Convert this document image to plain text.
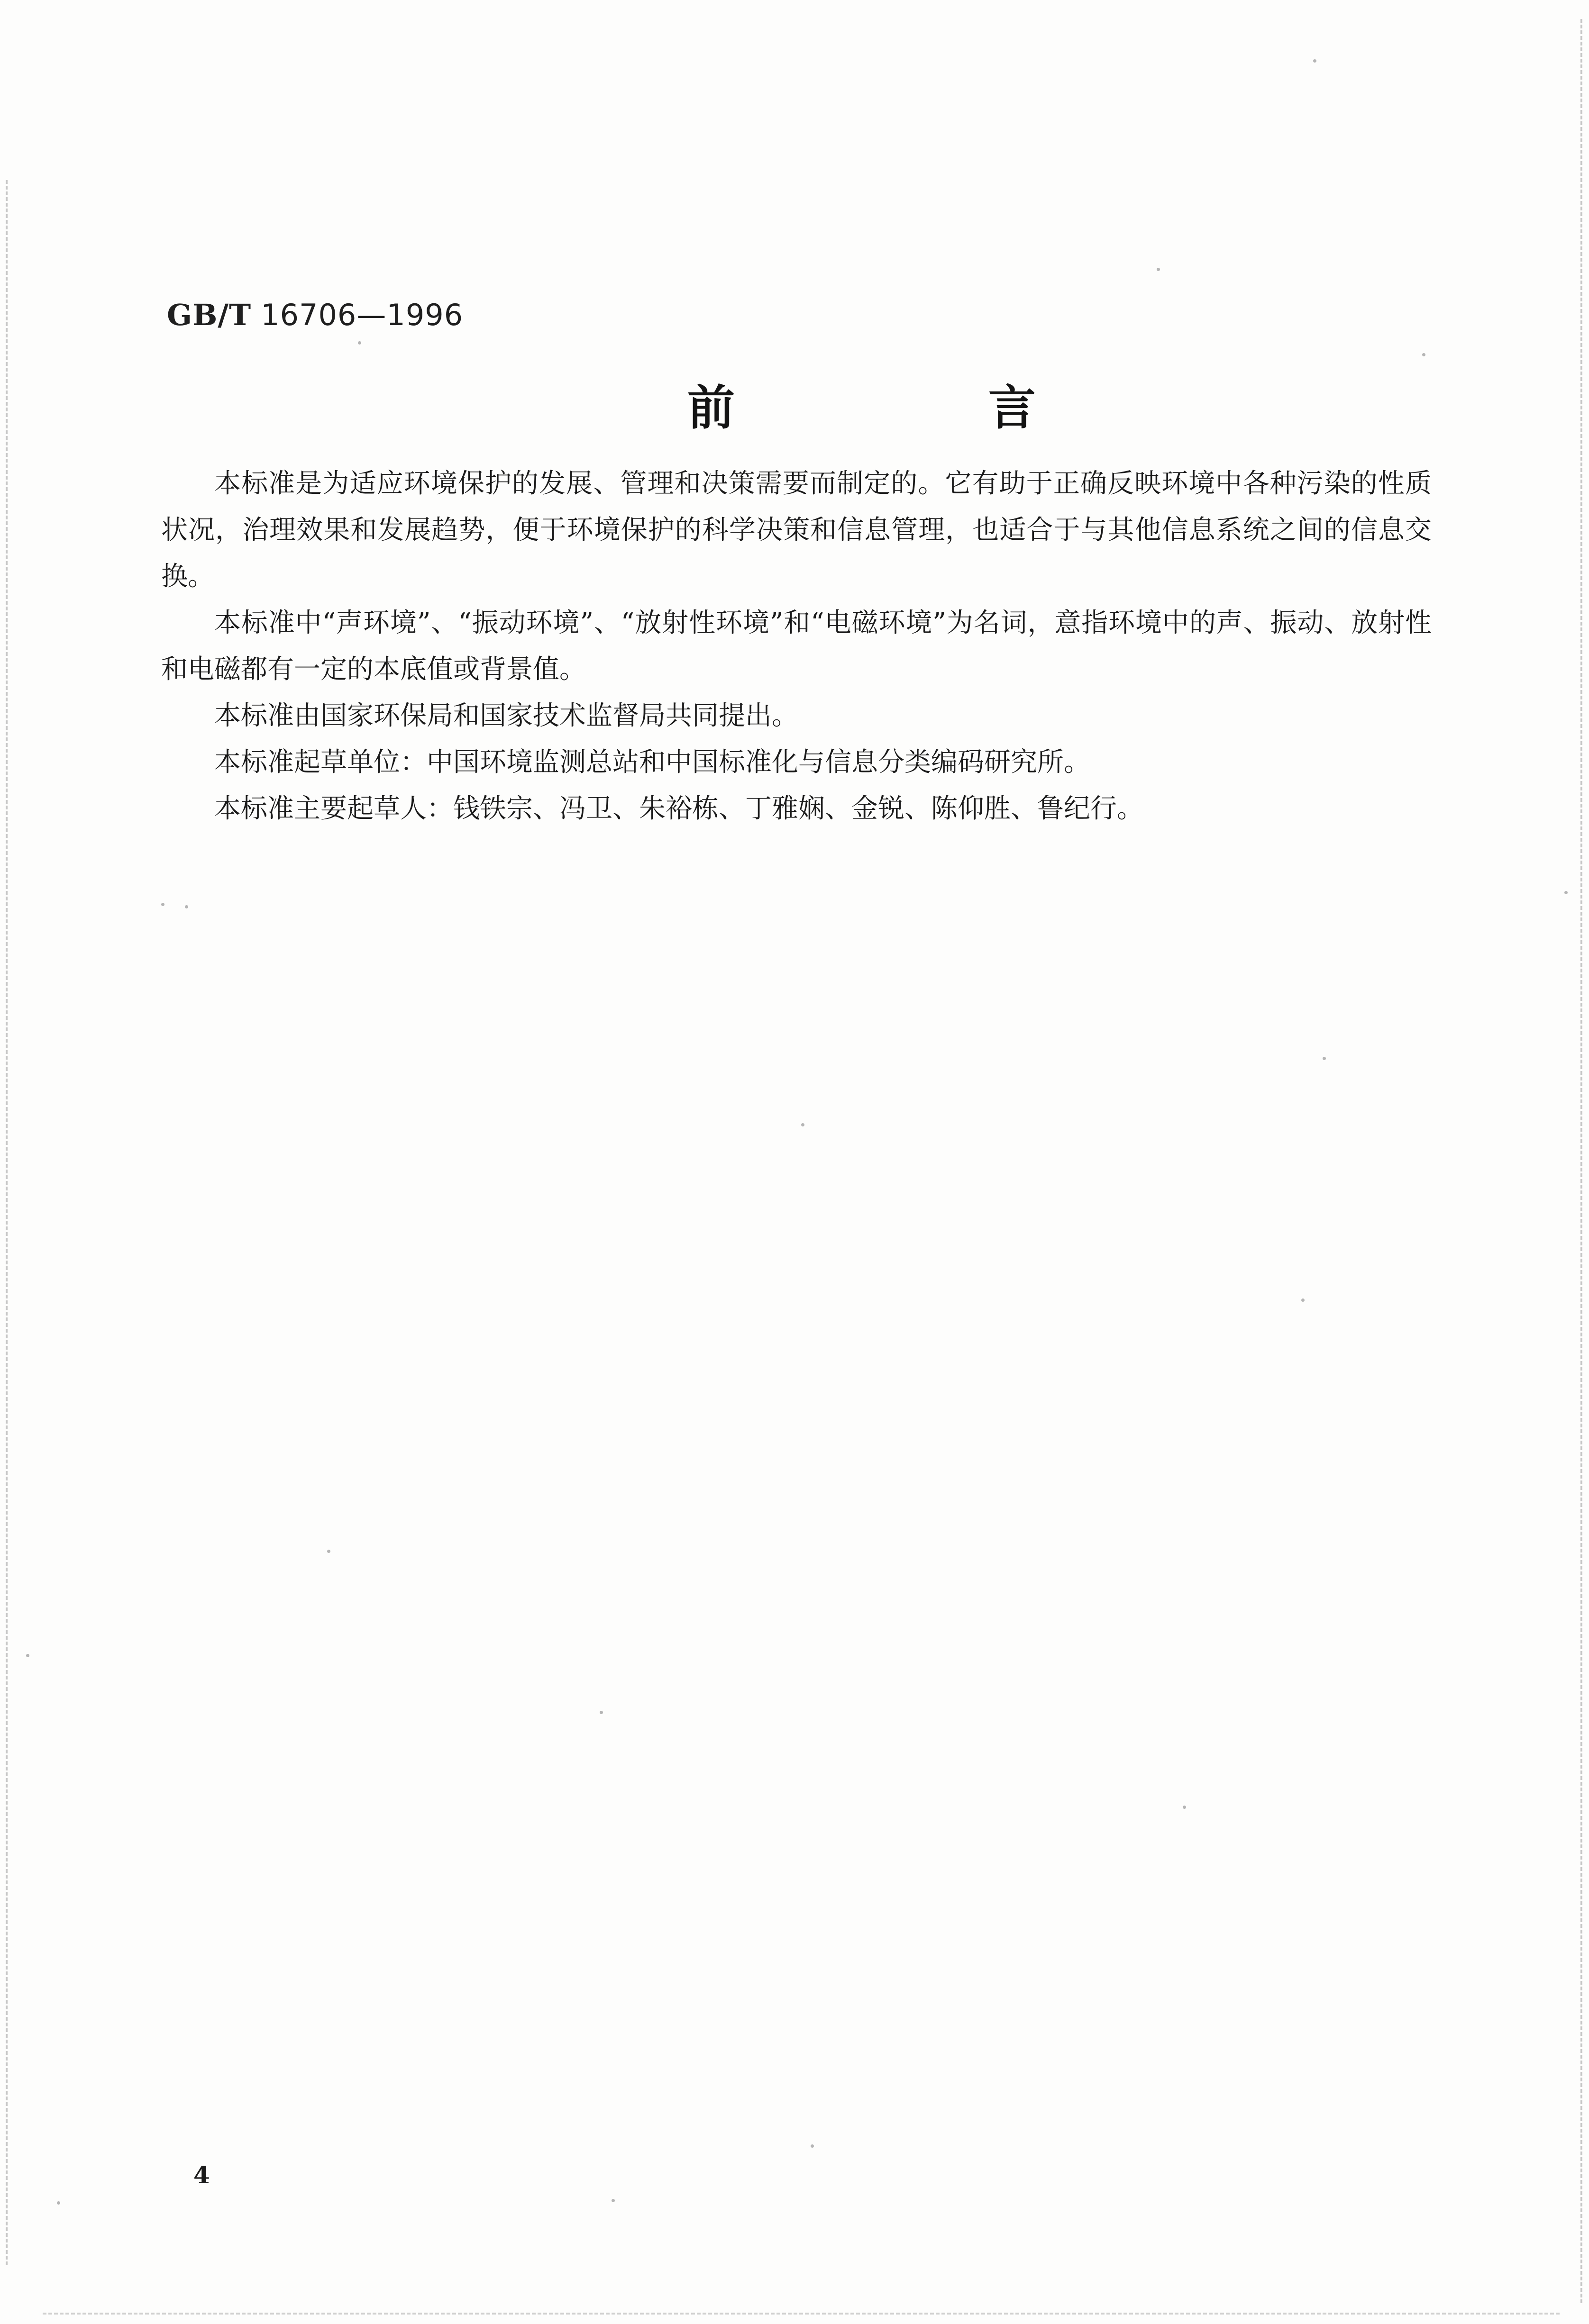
GB/T 16706—1996
前 言

本标准是为适应环境保护的发展、管理和决策需要而制定的。它有助于正确反映环境中各种污染的性质状况，治理效果和发展趋势，便于环境保护的科学决策和信息管理，也适合于与其他信息系统之间的信息交换。

本标准中“声环境”、“振动环境”、“放射性环境”和“电磁环境”为名词，意指环境中的声、振动、放射性和电磁都有一定的本底值或背景值。

本标准由国家环保局和国家技术监督局共同提出。

本标准起草单位：中国环境监测总站和中国标准化与信息分类编码研究所。

本标准主要起草人：钱铁宗、冯卫、朱裕栋、丁雅娴、金锐、陈仰胜、鲁纪行。

4
